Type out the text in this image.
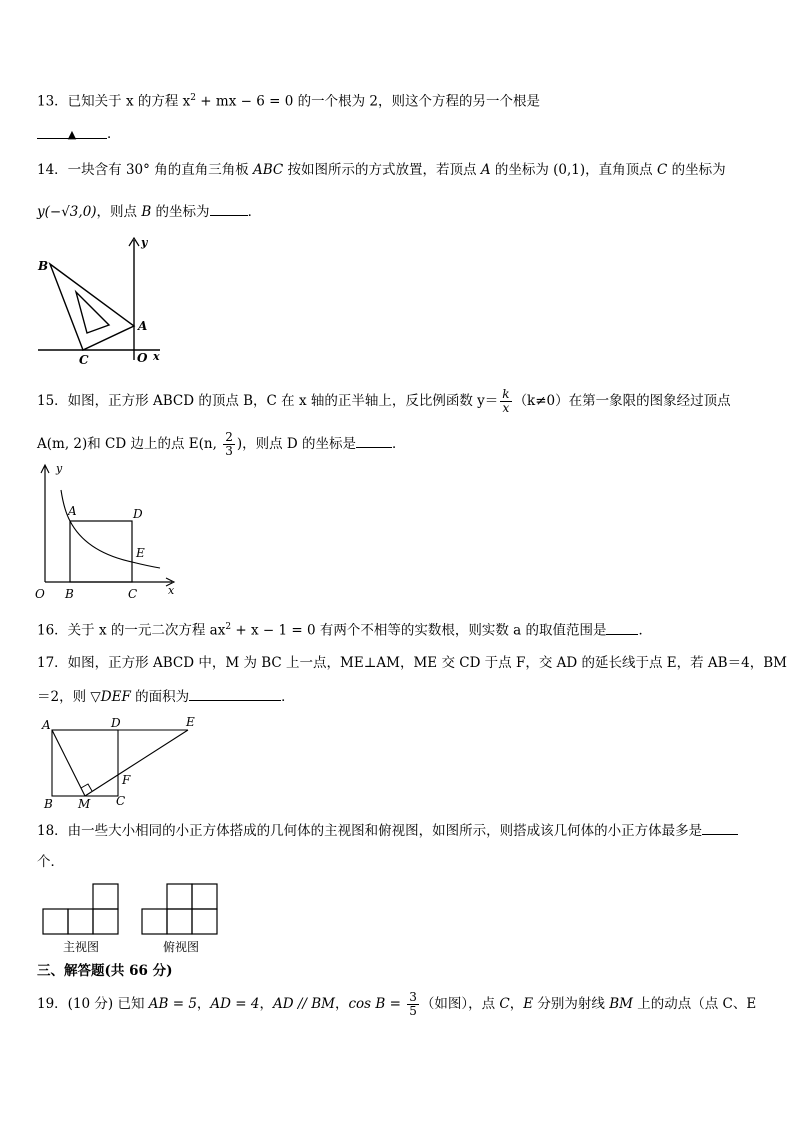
13．已知关于 x 的方程 $x^2$ + mx − 6 = 0 的一个根为 2，则这个方程的另一个根是
▲ ．
14．一块含有 30° 角的直角三角板 ABC 按如图所示的方式放置，若顶点 A 的坐标为 (0,1)，直角顶点 C 的坐标为
y(−√3,0)，则点 B 的坐标为	．
B
A
C	O x
y
15．如图，正方形 ABCD 的顶点 B，C 在 x 轴的正半轴上，反比例函数 $y= \frac{k}{x} (k\ne 0)$在第一象限的图象经过顶点
A(m, 2)和 CD 边上的点 E(n, $\frac{2}{3}$ )，则点 D 的坐标是	．
y
A	D
E
O B	C	x
16．关于 x 的一元二次方程 $ax^2 + x - 1 = 0$ 有两个不相等的实数根，则实数 a 的取值范围是 ．
17．如图，正方形 ABCD 中，M 为 BC 上一点，ME⊥AM，ME 交 CD 于点 F，交 AD 的延长线于点 E，若 AB＝4，BM
＝2，则 ▽DEF 的面积为	．
A	D	E
F
B M C
18．由一些大小相同的小正方体搭成的几何体的主视图和俯视图，如图所示，则搭成该几何体的小正方体最多是
个．
主视图	俯视图
三、解答题(共 66 分)
19．(10 分) 已知 AB = 5，AD = 4，AD // BM，$\cos B = \frac{3}{5}$ （如图），点 C，E 分别为射线 BM 上的动点（点 C、E
